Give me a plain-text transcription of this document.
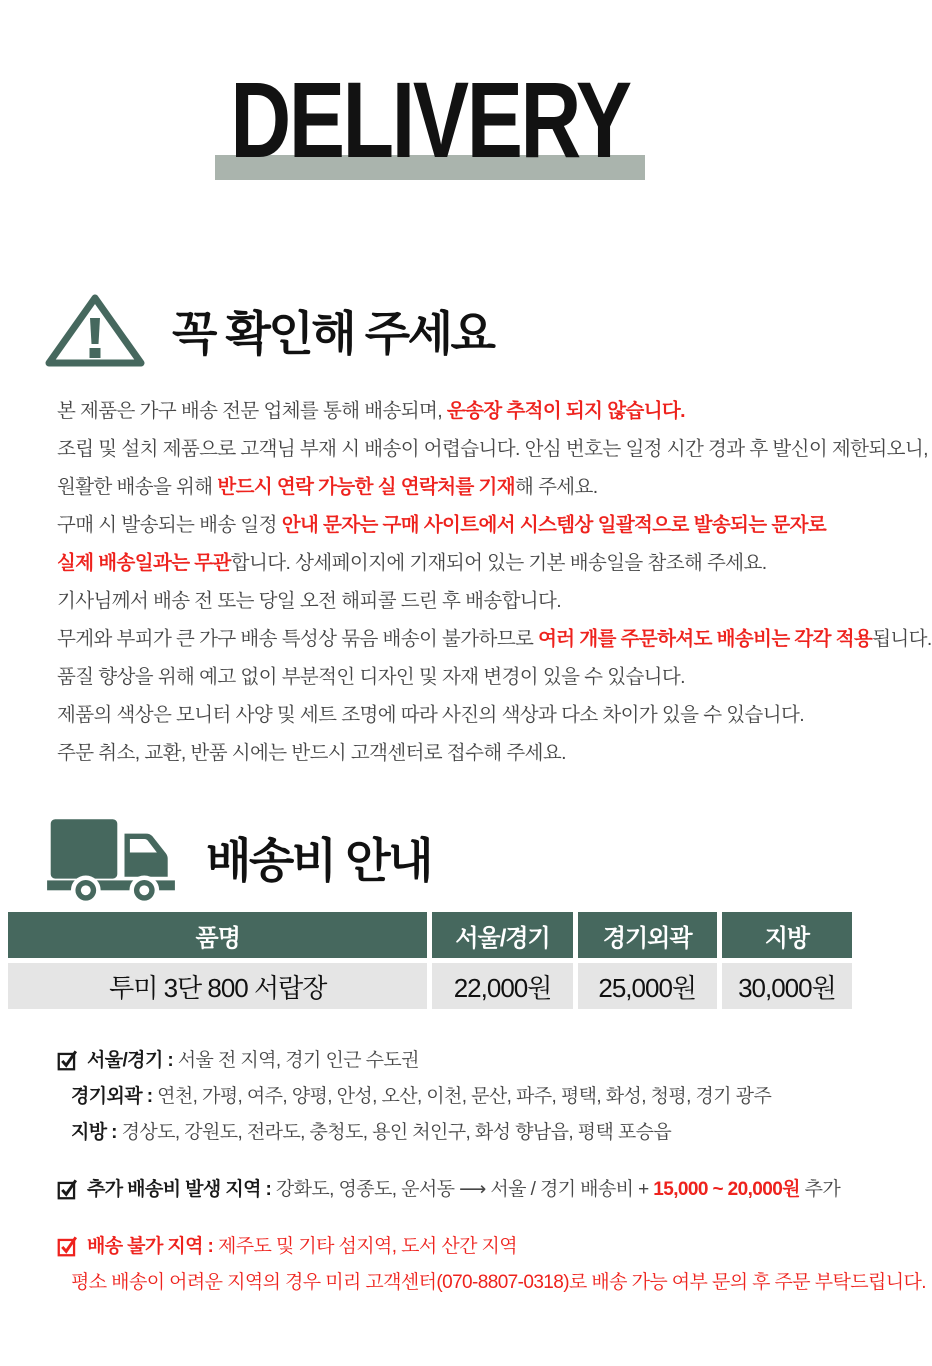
DELIVERY
꼭 확인해 주세요
본 제품은 가구 배송 전문 업체를 통해 배송되며, 운송장 추적이 되지 않습니다.
조립 및 설치 제품으로 고객님 부재 시 배송이 어렵습니다. 안심 번호는 일정 시간 경과 후 발신이 제한되오니,
원활한 배송을 위해 반드시 연락 가능한 실 연락처를 기재해 주세요.
구매 시 발송되는 배송 일정 안내 문자는 구매 사이트에서 시스템상 일괄적으로 발송되는 문자로
실제 배송일과는 무관합니다. 상세페이지에 기재되어 있는 기본 배송일을 참조해 주세요.
기사님께서 배송 전 또는 당일 오전 해피콜 드린 후 배송합니다.
무게와 부피가 큰 가구 배송 특성상 묶음 배송이 불가하므로 여러 개를 주문하셔도 배송비는 각각 적용됩니다.
품질 향상을 위해 예고 없이 부분적인 디자인 및 자재 변경이 있을 수 있습니다.
제품의 색상은 모니터 사양 및 세트 조명에 따라 사진의 색상과 다소 차이가 있을 수 있습니다.
주문 취소, 교환, 반품 시에는 반드시 고객센터로 접수해 주세요.
배송비 안내
품명	서울/경기	경기외곽	지방
투미 3단 800 서랍장	22,000원	25,000원	30,000원
서울/경기 : 서울 전 지역, 경기 인근 수도권
경기외곽 : 연천, 가평, 여주, 양평, 안성, 오산, 이천, 문산, 파주, 평택, 화성, 청평, 경기 광주
지방 : 경상도, 강원도, 전라도, 충청도, 용인 처인구, 화성 향남읍, 평택 포승읍
추가 배송비 발생 지역 : 강화도, 영종도, 운서동 ⟶ 서울 / 경기 배송비 + 15,000 ~ 20,000원 추가
배송 불가 지역 : 제주도 및 기타 섬지역, 도서 산간 지역
평소 배송이 어려운 지역의 경우 미리 고객센터(070-8807-0318)로 배송 가능 여부 문의 후 주문 부탁드립니다.
